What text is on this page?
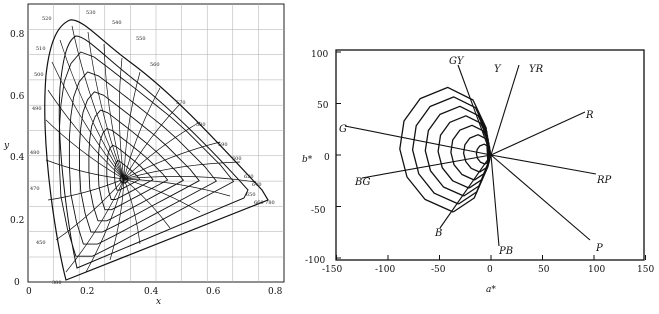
0.8
0.6
0.4
0.2
0
0	0.2	0.4	0.6	0.8
x
y
380
450
470
480
490
500
510
520
530
540
550
560
570
580
590
600
620
640
650
660 780
100
50
0
-50
-100
-150	-100	-50	0	50	100	150
a*
b*
GY
Y	YR
R
RP
P
PB
B
BG
G
